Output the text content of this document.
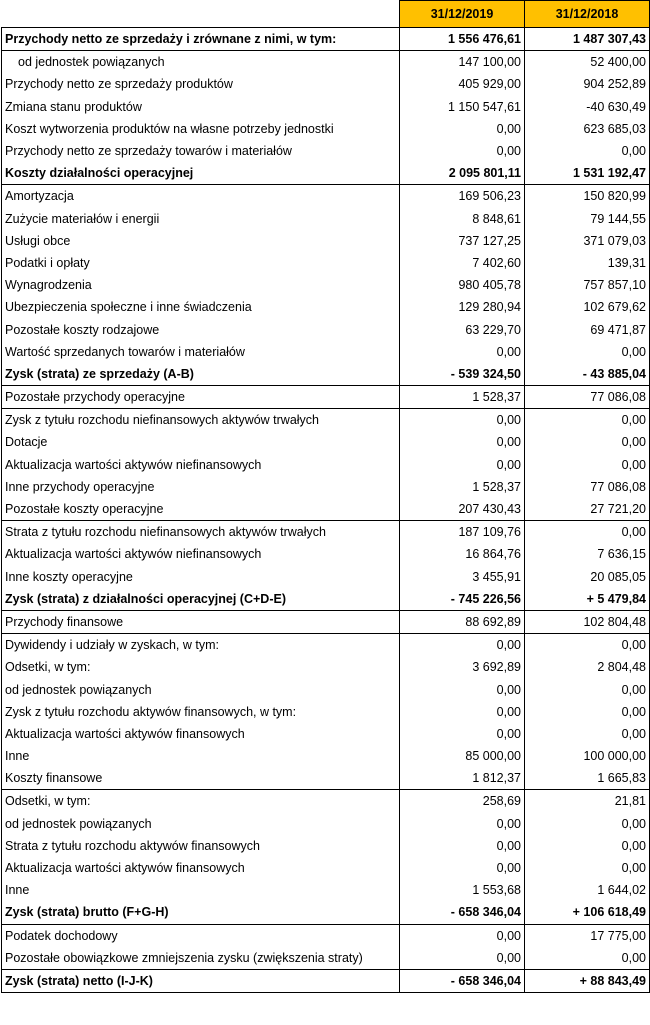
	31/12/2019	31/12/2018
Przychody netto ze sprzedaży i zrównane z nimi, w tym:	1 556 476,61	1 487 307,43
od jednostek powiązanych	147 100,00	52 400,00
Przychody netto ze sprzedaży produktów	405 929,00	904 252,89
Zmiana stanu produktów	1 150 547,61	-40 630,49
Koszt wytworzenia produktów na własne potrzeby jednostki	0,00	623 685,03
Przychody netto ze sprzedaży towarów i materiałów	0,00	0,00
Koszty działalności operacyjnej	2 095 801,11	1 531 192,47
Amortyzacja	169 506,23	150 820,99
Zużycie materiałów i energii	8 848,61	79 144,55
Usługi obce	737 127,25	371 079,03
Podatki i opłaty	7 402,60	139,31
Wynagrodzenia	980 405,78	757 857,10
Ubezpieczenia społeczne i inne świadczenia	129 280,94	102 679,62
Pozostałe koszty rodzajowe	63 229,70	69 471,87
Wartość sprzedanych towarów i materiałów	0,00	0,00
Zysk (strata) ze sprzedaży (A-B)	- 539 324,50	- 43 885,04
Pozostałe przychody operacyjne	1 528,37	77 086,08
Zysk z tytułu rozchodu niefinansowych aktywów trwałych	0,00	0,00
Dotacje	0,00	0,00
Aktualizacja wartości aktywów niefinansowych	0,00	0,00
Inne przychody operacyjne	1 528,37	77 086,08
Pozostałe koszty operacyjne	207 430,43	27 721,20
Strata z tytułu rozchodu niefinansowych aktywów trwałych	187 109,76	0,00
Aktualizacja wartości aktywów niefinansowych	16 864,76	7 636,15
Inne koszty operacyjne	3 455,91	20 085,05
Zysk (strata) z działalności operacyjnej (C+D-E)	- 745 226,56	+ 5 479,84
Przychody finansowe	88 692,89	102 804,48
Dywidendy i udziały w zyskach, w tym:	0,00	0,00
Odsetki, w tym:	3 692,89	2 804,48
od jednostek powiązanych	0,00	0,00
Zysk z tytułu rozchodu aktywów finansowych, w tym:	0,00	0,00
Aktualizacja wartości aktywów finansowych	0,00	0,00
Inne	85 000,00	100 000,00
Koszty finansowe	1 812,37	1 665,83
Odsetki, w tym:	258,69	21,81
od jednostek powiązanych	0,00	0,00
Strata z tytułu rozchodu aktywów finansowych	0,00	0,00
Aktualizacja wartości aktywów finansowych	0,00	0,00
Inne	1 553,68	1 644,02
Zysk (strata) brutto (F+G-H)	- 658 346,04	+ 106 618,49
Podatek dochodowy	0,00	17 775,00
Pozostałe obowiązkowe zmniejszenia zysku (zwiększenia straty)	0,00	0,00
Zysk (strata) netto (I-J-K)	- 658 346,04	+ 88 843,49
